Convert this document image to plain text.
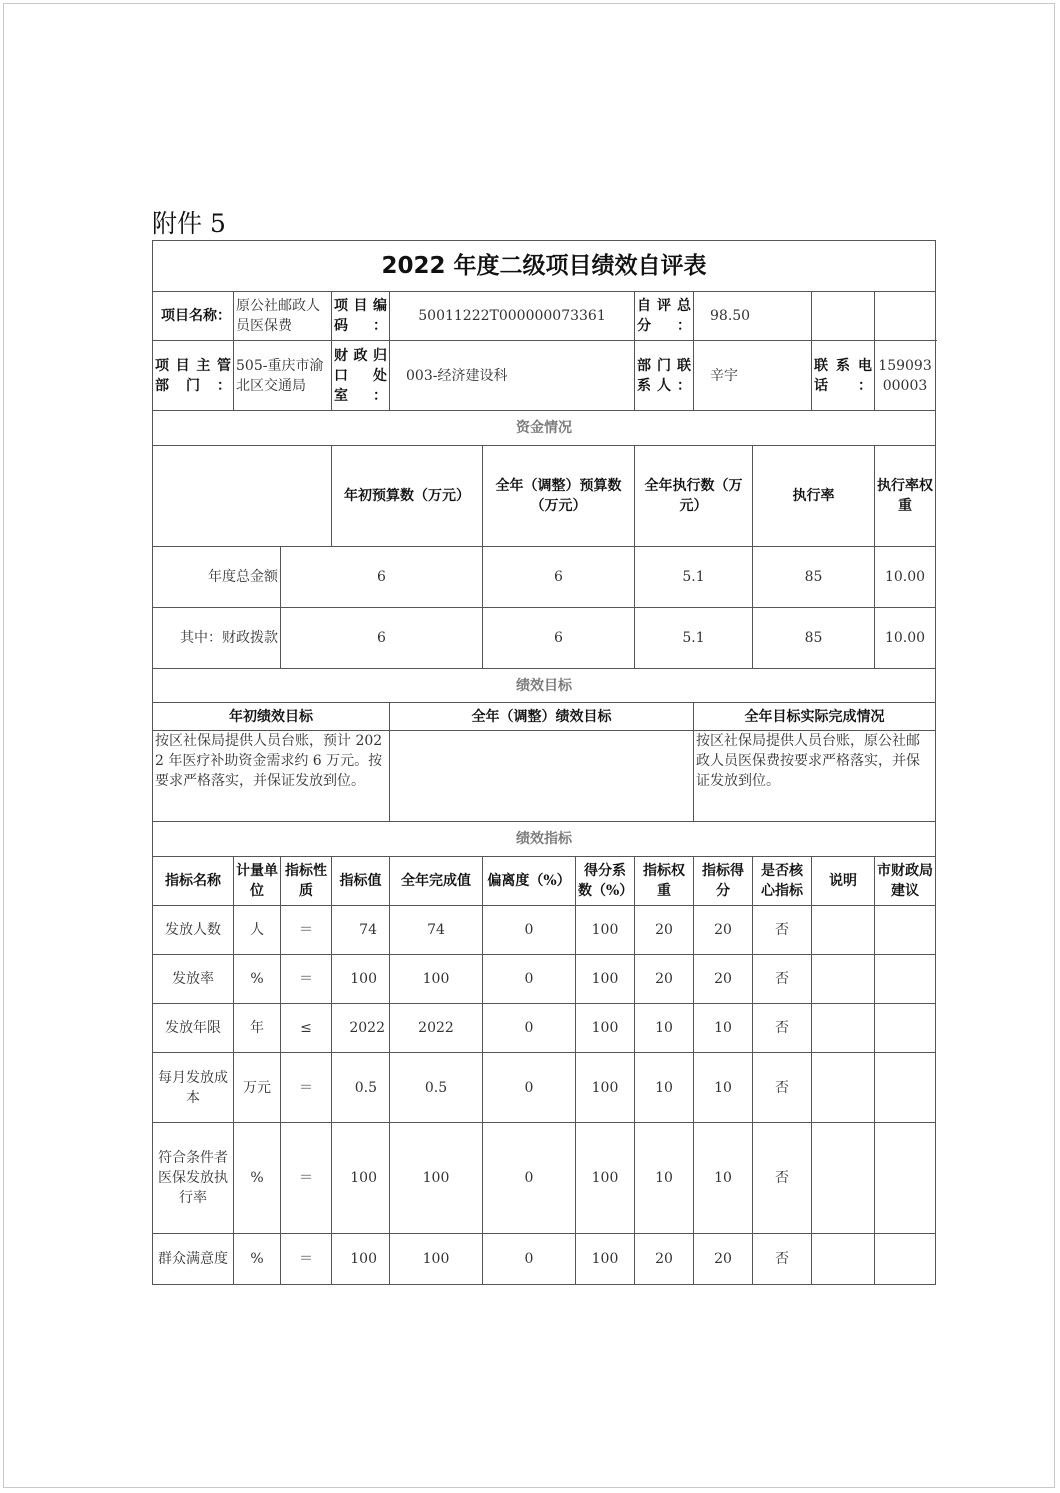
附件 5
2022 年度二级项目绩效自评表												
项目名称：	原公社邮政人员医保费		项 目 编码：	50011222T000000073361			自 评 总分：	98.50				
项 目 主 管部门：	505-重庆市渝北区交通局		财 政 归口 处室：	003-经济建设科			部 门 联系人：	辛宇		联 系 电话：	15909300003	
资金情况												
			年初预算数（万元）		全年（调整）预算数（万元）		全年执行数（万元）		执行率		执行率权重	
年度总金额		6			6		5.1		85		10.00	
其中：财政拨款		6			6		5.1		85		10.00	
绩效目标												
年初绩效目标				全年（调整）绩效目标				全年目标实际完成情况				
按区社保局提供人员台账，预计 2022 年医疗补助资金需求约 6 万元。按要求严格落实，并保证发放到位。								按区社保局提供人员台账，原公社邮政人员医保费按要求严格落实，并保证发放到位。				
绩效指标												
指标名称	计量单位	指标性质	指标值	全年完成值	偏离度（%）	得分系数（%）	指标权重	指标得分	是否核心指标	说明	市财政局建议	
发放人数	人	＝	74	74	0	100	20	20	否			
发放率	%	＝	100	100	0	100	20	20	否			
发放年限	年	≤	2022	2022	0	100	10	10	否			
每月发放成本	万元	＝	0.5	0.5	0	100	10	10	否			
符合条件者医保发放执行率	%	＝	100	100	0	100	10	10	否			
群众满意度	%	＝	100	100	0	100	20	20	否			
